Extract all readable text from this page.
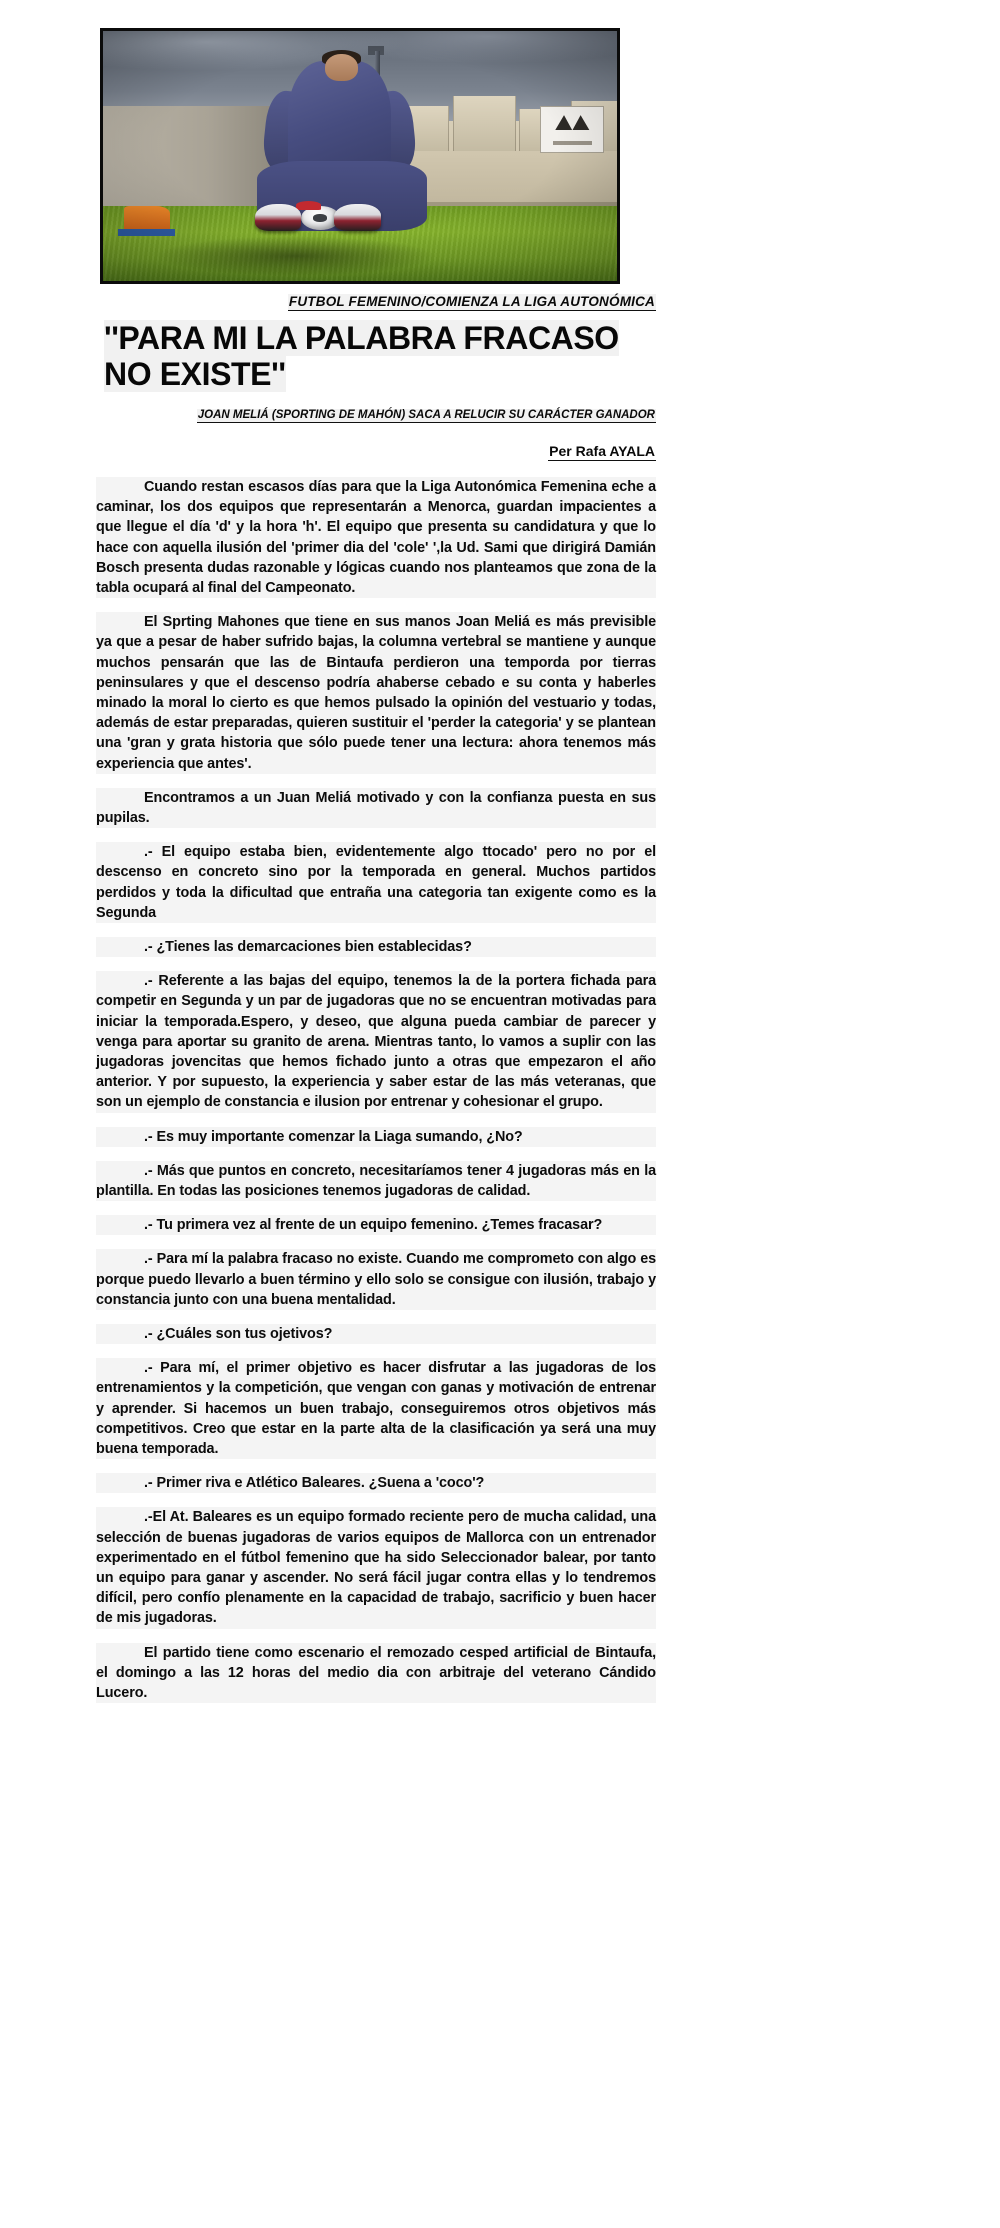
FUTBOL FEMENINO/COMIENZA LA LIGA AUTONÓMICA
''PARA MI LA PALABRA FRACASO NO EXISTE''
JOAN MELIÁ (SPORTING DE MAHÓN) SACA A RELUCIR SU CARÁCTER GANADOR
Per Rafa AYALA

Cuando restan escasos días para que la Liga Autonómica Femenina eche a caminar, los dos equipos que representarán a Menorca, guardan impacientes a que llegue el día 'd' y la hora 'h'. El equipo que presenta su candidatura y que lo hace con aquella ilusión del 'primer dia del 'cole' ',la Ud. Sami que dirigirá Damián Bosch presenta dudas razonable y lógicas cuando nos planteamos que zona de la tabla ocupará al final del Campeonato.

El Sprting Mahones que tiene en sus manos Joan Meliá es más previsible ya que a pesar de haber sufrido bajas, la columna vertebral se mantiene y aunque muchos pensarán que las de Bintaufa perdieron una temporda por tierras peninsulares y que el descenso podría ahaberse cebado e su conta y haberles minado la moral lo cierto es que hemos pulsado la opinión del vestuario y todas, además de estar preparadas, quieren sustituir el 'perder la categoria' y se plantean una 'gran y grata historia que sólo puede tener una lectura: ahora tenemos más experiencia que antes'.

Encontramos a un Juan Meliá motivado y con la confianza puesta en sus pupilas.

.- El equipo estaba bien, evidentemente algo ttocado' pero no por el descenso en concreto sino por la temporada en general. Muchos partidos perdidos y toda la dificultad que entraña una categoria tan exigente como es la Segunda

.- ¿Tienes las demarcaciones bien establecidas?

.- Referente a las bajas del equipo, tenemos la de la portera fichada para competir en Segunda y un par de jugadoras que no se encuentran motivadas para iniciar la temporada.Espero, y deseo, que alguna pueda cambiar de parecer y venga para aportar su granito de arena. Mientras tanto, lo vamos a suplir con las jugadoras jovencitas que hemos fichado junto a otras que empezaron el año anterior. Y por supuesto, la experiencia y saber estar de las más veteranas, que son un ejemplo de constancia e ilusion por entrenar y cohesionar el grupo.

.- Es muy importante comenzar la Liaga sumando, ¿No?

.- Más que puntos en concreto, necesitaríamos tener 4 jugadoras más en la plantilla. En todas las posiciones tenemos jugadoras de calidad.

.- Tu primera vez al frente de un equipo femenino. ¿Temes fracasar?

.- Para mí la palabra fracaso no existe. Cuando me comprometo con algo es porque puedo llevarlo a buen término y ello solo se consigue con ilusión, trabajo y constancia junto con una buena mentalidad.

.- ¿Cuáles son tus ojetivos?

.- Para mí, el primer objetivo es hacer disfrutar a las jugadoras de los entrenamientos y la competición, que vengan con ganas y motivación de entrenar y aprender. Si hacemos un buen trabajo, conseguiremos otros objetivos más competitivos. Creo que estar en la parte alta de la clasificación ya será una muy buena temporada.

.- Primer riva e Atlético Baleares. ¿Suena a 'coco'?

.-El At. Baleares es un equipo formado reciente pero de mucha calidad, una selección de buenas jugadoras de varios equipos de Mallorca con un entrenador experimentado en el fútbol femenino que ha sido Seleccionador balear, por tanto un equipo para ganar y ascender. No será fácil jugar contra ellas y lo tendremos difícil, pero confío plenamente en la capacidad de trabajo, sacrificio y buen hacer de mis jugadoras.

El partido tiene como escenario el remozado cesped artificial de Bintaufa, el domingo a las 12 horas del medio dia con arbitraje del veterano Cándido Lucero.
